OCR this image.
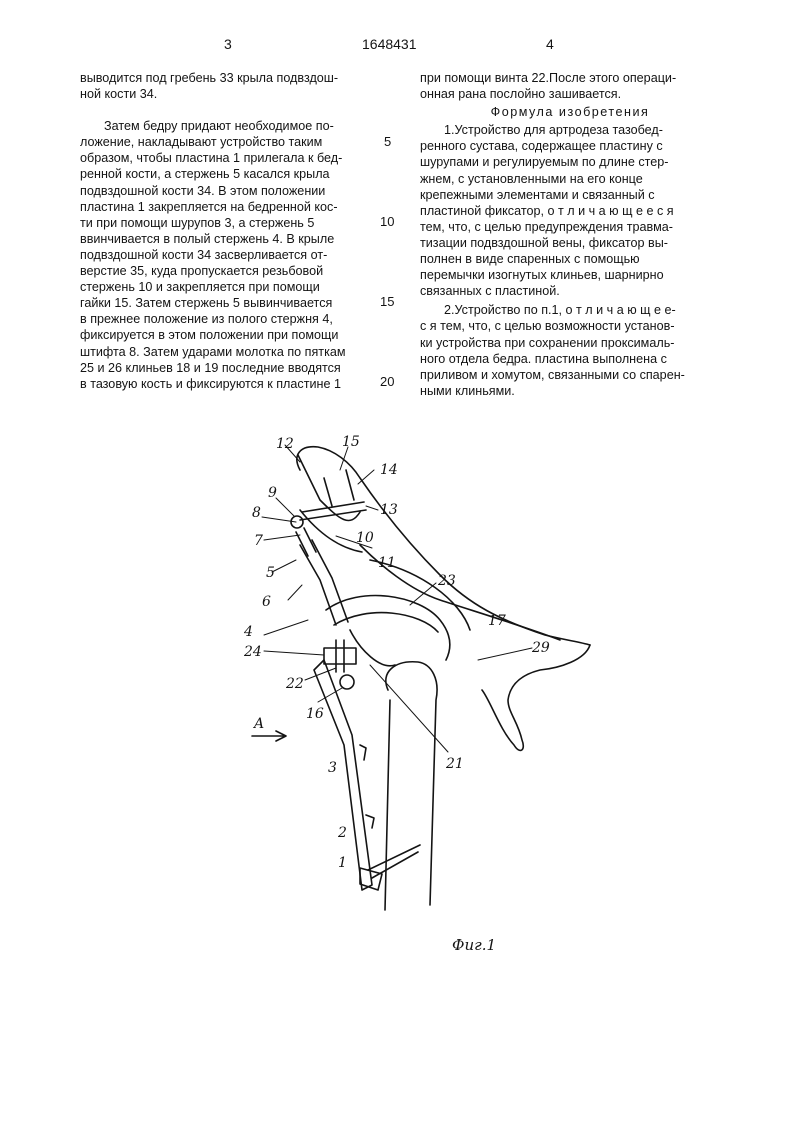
3	1648431	4

выводится под гребень 33 крыла подвздош-

ной кости 34.

Затем бедру придают необходимое по-

ложение, накладывают устройство таким

образом, чтобы пластина 1 прилегала к бед-

ренной кости, а стержень 5 касался крыла

подвздошной кости 34. В этом положении

пластина 1 закрепляется на бедренной кос-

ти при помощи шурупов 3, а стержень 5

ввинчивается в полый стержень 4. В крыле

подвздошной кости 34 засверливается от-

верстие 35, куда пропускается резьбовой

стержень 10 и закрепляется при помощи

гайки 15. Затем стержень 5 вывинчивается

в прежнее положение из полого стержня 4,

фиксируется в этом положении при помощи

штифта 8. Затем ударами молотка по пяткам

25 и 26 клиньев 18 и 19 последние вводятся

в тазовую кость и фиксируются к пластине 1

5
10
15
20

при помощи винта 22.После этого операци-

онная рана послойно зашивается.

Формула изобретения

1.Устройство для артродеза тазобед-

ренного сустава, содержащее пластину с

шурупами и регулируемым по длине стер-

жнем, с установленными на его конце

крепежными элементами и связанный с

пластиной фиксатор, о т л и ч а ю щ е е с я

тем, что, с целью предупреждения травма-

тизации подвздошной вены, фиксатор вы-

полнен в виде спаренных с помощью

перемычки изогнутых клиньев, шарнирно

связанных с пластиной.

2.Устройство по п.1, о т л и ч а ю щ е е-

с я тем, что, с целью возможности установ-

ки устройства при сохранении проксималь-

ного отдела бедра. пластина выполнена с

приливом и хомутом, связанными со спарен-

ными клиньями.

12	15
14
9
8	13
7	10
11
5
6
4
23
17
29
24
22
16
21
3
2
1
A
Фиг.1
